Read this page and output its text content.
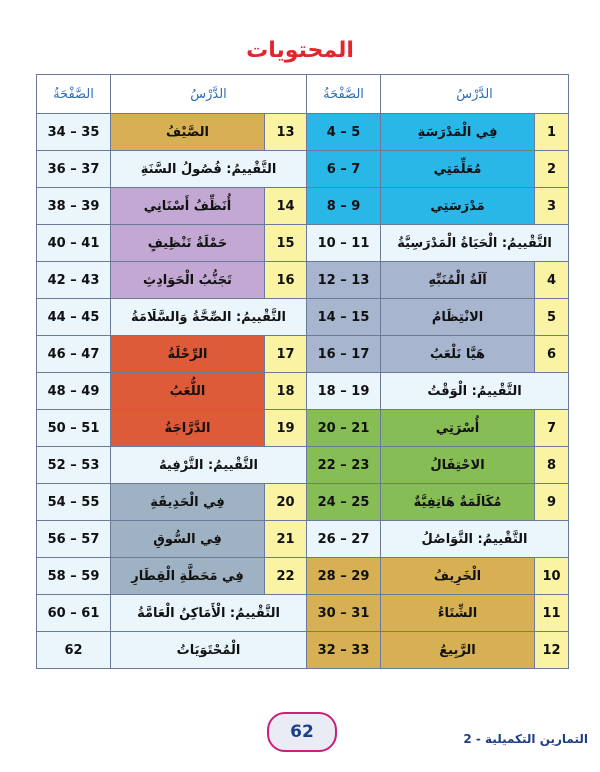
المحتويات
الصَّفْحَةُ	الدَّرْسُ		الصَّفْحَةُ	الدَّرْسُ	
34 – 35	الصَّيْفُ	13	4 – 5	فِي الْمَدْرَسَةِ	1
36 – 37	التَّقْييمُ: فُصُولُ السَّنَةِ		6 – 7	مُعَلِّمَتِي	2
38 – 39	أُنَظِّفُ أَسْنَانِي	14	8 – 9	مَدْرَسَتِي	3
40 – 41	حَمْلَةُ تَنْظِيفٍ	15	10 – 11	التَّقْييمُ: الْحَيَاةُ الْمَدْرَسِيَّةُ	
42 – 43	تَجَنُّبُ الْحَوَادِثِ	16	12 – 13	آلَةُ الْمُنَبِّهِ	4
44 – 45	التَّقْييمُ: الصِّحَّةُ وَالسَّلَامَةُ		14 – 15	الانْتِظَامُ	5
46 – 47	الرِّحْلَةُ	17	16 – 17	هَيَّا نَلْعَبُ	6
48 – 49	اللُّعَبُ	18	18 – 19	التَّقْييمُ: الْوَقْتُ	
50 – 51	الدَّرَّاجَةُ	19	20 – 21	أُسْرَتِي	7
52 – 53	التَّقْييمُ: التَّرْفِيهُ		22 – 23	الاحْتِفَالُ	8
54 – 55	فِي الْحَدِيقَةِ	20	24 – 25	مُكَالَمَةٌ هَاتِفِيَّةٌ	9
56 – 57	فِي السُّوقِ	21	26 – 27	التَّقْييمُ: التَّوَاصُلُ	
58 – 59	فِي مَحَطَّةِ الْقِطَارِ	22	28 – 29	الْخَرِيفُ	10
60 – 61	التَّقْييمُ: الْأَمَاكِنُ الْعَامَّةُ		30 – 31	الشِّتَاءُ	11
62	الْمُحْتَوَيَاتُ		32 – 33	الرَّبِيعُ	12
62	التمارين التكميلية - 2
